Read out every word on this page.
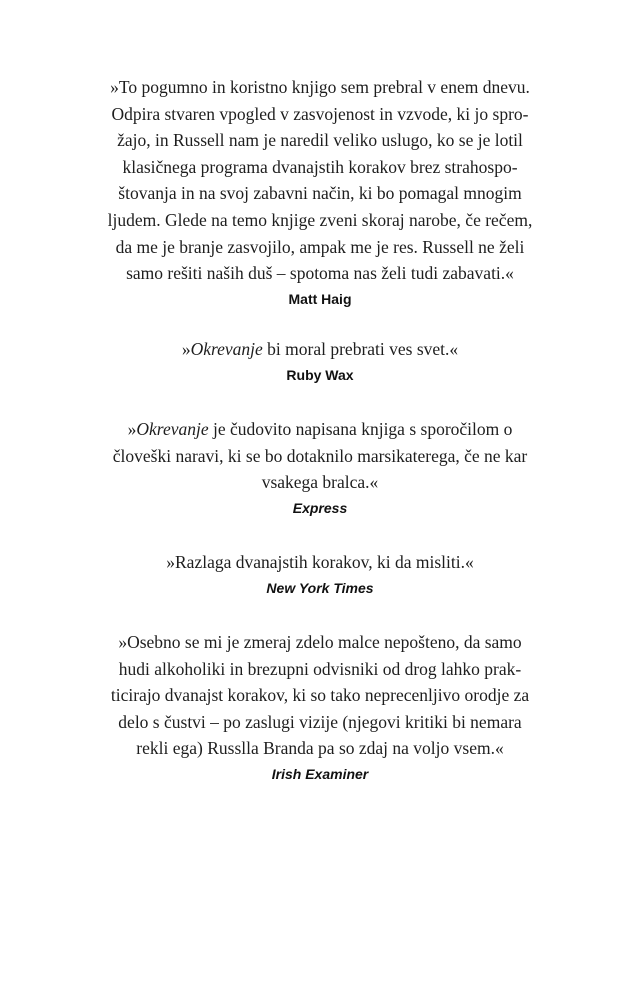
»To pogumno in koristno knjigo sem prebral v enem dnevu.
Odpira stvaren vpogled v zasvojenost in vzvode, ki jo spro-
žajo, in Russell nam je naredil veliko uslugo, ko se je lotil
klasičnega programa dvanajstih korakov brez strahospo-
štovanja in na svoj zabavni način, ki bo pomagal mnogim
ljudem. Glede na temo knjige zveni skoraj narobe, če rečem,
da me je branje zasvojilo, ampak me je res. Russell ne želi
samo rešiti naših duš – spotoma nas želi tudi zabavati.«

Matt Haig

»Okrevanje bi moral prebrati ves svet.«

Ruby Wax

»Okrevanje je čudovito napisana knjiga s sporočilom o
človeški naravi, ki se bo dotaknilo marsikaterega, če ne kar
vsakega bralca.«

Express

»Razlaga dvanajstih korakov, ki da misliti.«

New York Times

»Osebno se mi je zmeraj zdelo malce nepošteno, da samo
hudi alkoholiki in brezupni odvisniki od drog lahko prak-
ticirajo dvanajst korakov, ki so tako neprecenljivo orodje za
delo s čustvi – po zaslugi vizije (njegovi kritiki bi nemara
rekli ega) Russlla Branda pa so zdaj na voljo vsem.«

Irish Examiner
